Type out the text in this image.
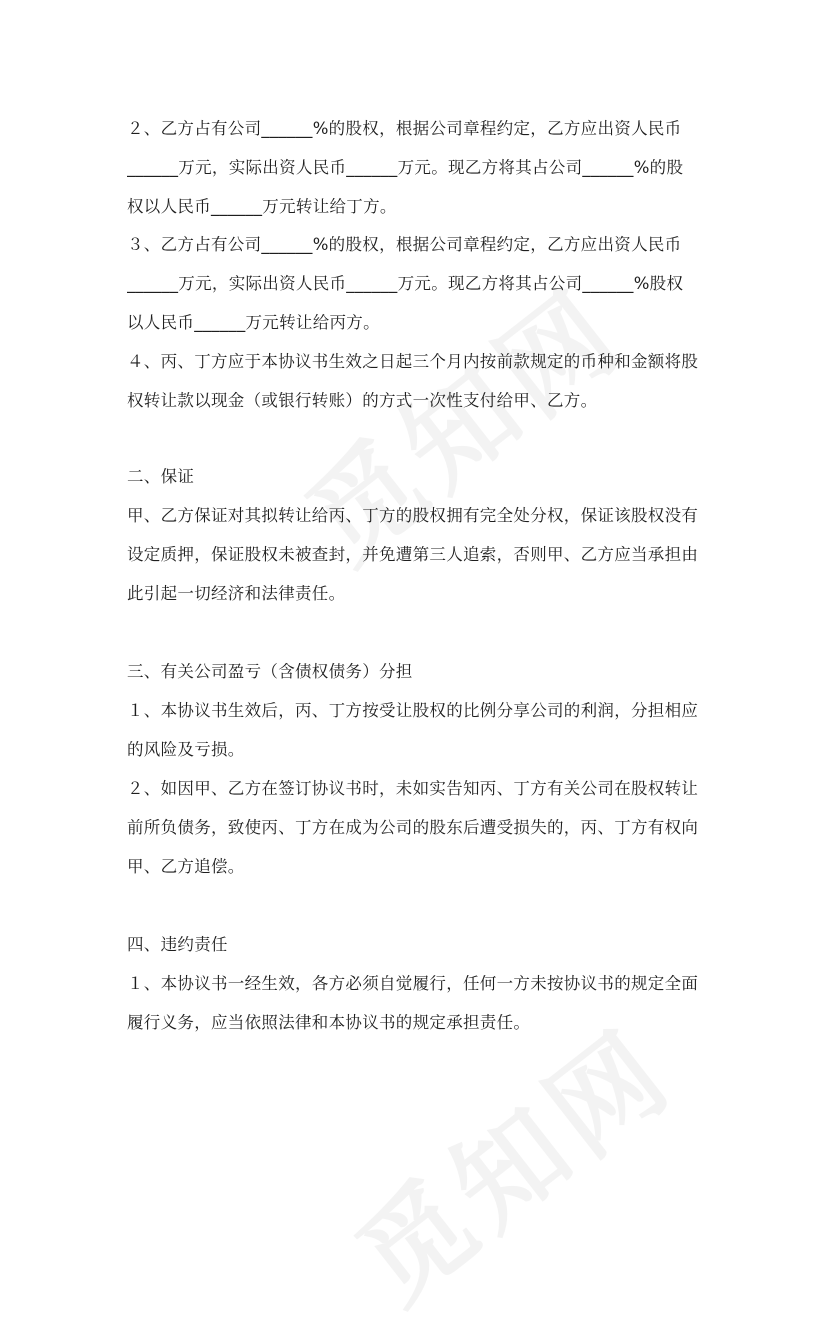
２、乙方占有公司______%的股权，根据公司章程约定，乙方应出资人民币
______万元，实际出资人民币______万元。现乙方将其占公司______%的股
权以人民币______万元转让给丁方。
３、乙方占有公司______%的股权，根据公司章程约定，乙方应出资人民币
______万元，实际出资人民币______万元。现乙方将其占公司______%股权
以人民币______万元转让给丙方。
４、丙、丁方应于本协议书生效之日起三个月内按前款规定的币种和金额将股
权转让款以现金（或银行转账）的方式一次性支付给甲、乙方。
二、保证
甲、乙方保证对其拟转让给丙、丁方的股权拥有完全处分权，保证该股权没有
设定质押，保证股权未被查封，并免遭第三人追索，否则甲、乙方应当承担由
此引起一切经济和法律责任。
三、有关公司盈亏（含债权债务）分担
１、本协议书生效后，丙、丁方按受让股权的比例分享公司的利润，分担相应
的风险及亏损。
２、如因甲、乙方在签订协议书时，未如实告知丙、丁方有关公司在股权转让
前所负债务，致使丙、丁方在成为公司的股东后遭受损失的，丙、丁方有权向
甲、乙方追偿。
四、违约责任
１、本协议书一经生效，各方必须自觉履行，任何一方未按协议书的规定全面
履行义务，应当依照法律和本协议书的规定承担责任。
